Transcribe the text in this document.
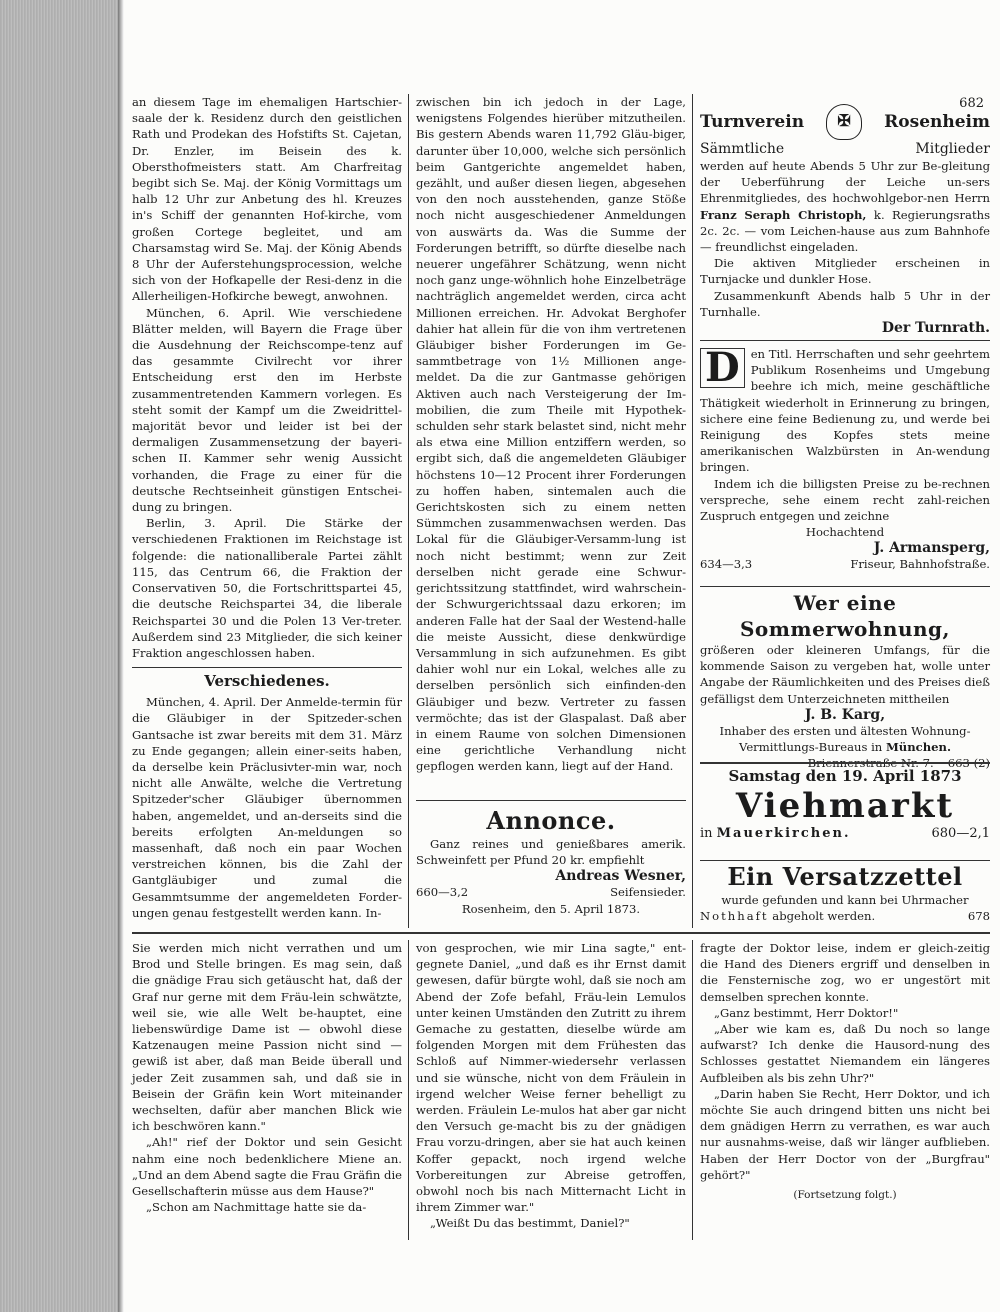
682

an diesem Tage im ehemaligen Hartschier-saale der k. Residenz durch den geistlichen Rath und Prodekan des Hofstifts St. Cajetan, Dr. Enzler, im Beisein des k. Obersthofmeisters statt. Am Charfreitag begibt sich Se. Maj. der König Vormittags um halb 12 Uhr zur Anbetung des hl. Kreuzes in's Schiff der genannten Hof-kirche, vom großen Cortege begleitet, und am Charsamstag wird Se. Maj. der König Abends 8 Uhr der Auferstehungsprocession, welche sich von der Hofkapelle der Resi-denz in die Allerheiligen-Hofkirche bewegt, anwohnen.

München, 6. April. Wie verschiedene Blätter melden, will Bayern die Frage über die Ausdehnung der Reichscompe-tenz auf das gesammte Civilrecht vor ihrer Entscheidung erst den im Herbste zusammentretenden Kammern vorlegen. Es steht somit der Kampf um die Zweidrittel-majorität bevor und leider ist bei der dermaligen Zusammensetzung der bayeri-schen II. Kammer sehr wenig Aussicht vorhanden, die Frage zu einer für die deutsche Rechtseinheit günstigen Entschei-dung zu bringen.

Berlin, 3. April. Die Stärke der verschiedenen Fraktionen im Reichstage ist folgende: die nationalliberale Partei zählt 115, das Centrum 66, die Fraktion der Conservativen 50, die Fortschrittspartei 45, die deutsche Reichspartei 34, die liberale Reichspartei 30 und die Polen 13 Ver-treter. Außerdem sind 23 Mitglieder, die sich keiner Fraktion angeschlossen haben.

Verschiedenes.

München, 4. April. Der Anmelde-termin für die Gläubiger in der Spitzeder-schen Gantsache ist zwar bereits mit dem 31. März zu Ende gegangen; allein einer-seits haben, da derselbe kein Präclusivter-min war, noch nicht alle Anwälte, welche die Vertretung Spitzeder'scher Gläubiger übernommen haben, angemeldet, und an-derseits sind die bereits erfolgten An-meldungen so massenhaft, daß noch ein paar Wochen verstreichen können, bis die Zahl der Gantgläubiger und zumal die Gesammtsumme der angemeldeten Forder-ungen genau festgestellt werden kann. In-

zwischen bin ich jedoch in der Lage, wenigstens Folgendes hierüber mitzutheilen. Bis gestern Abends waren 11,792 Gläu-biger, darunter über 10,000, welche sich persönlich beim Gantgerichte angemeldet haben, gezählt, und außer diesen liegen, abgesehen von den noch ausstehenden, ganze Stöße noch nicht ausgeschiedener Anmeldungen von auswärts da. Was die Summe der Forderungen betrifft, so dürfte dieselbe nach neuerer ungefährer Schätzung, wenn nicht noch ganz unge-wöhnlich hohe Einzelbeträge nachträglich angemeldet werden, circa acht Millionen erreichen. Hr. Advokat Berghofer dahier hat allein für die von ihm vertretenen Gläubiger bisher Forderungen im Ge-sammtbetrage von 1½ Millionen ange-meldet. Da die zur Gantmasse gehörigen Aktiven auch nach Versteigerung der Im-mobilien, die zum Theile mit Hypothek-schulden sehr stark belastet sind, nicht mehr als etwa eine Million entziffern werden, so ergibt sich, daß die angemeldeten Gläubiger höchstens 10—12 Procent ihrer Forderungen zu hoffen haben, sintemalen auch die Gerichtskosten sich zu einem netten Sümmchen zusammenwachsen werden. Das Lokal für die Gläubiger-Versamm-lung ist noch nicht bestimmt; wenn zur Zeit derselben nicht gerade eine Schwur-gerichtssitzung stattfindet, wird wahrschein-der Schwurgerichtssaal dazu erkoren; im anderen Falle hat der Saal der Westend-halle die meiste Aussicht, diese denkwürdige Versammlung in sich aufzunehmen. Es gibt dahier wohl nur ein Lokal, welches alle zu derselben persönlich sich einfinden-den Gläubiger und bezw. Vertreter zu fassen vermöchte; das ist der Glaspalast. Daß aber in einem Raume von solchen Dimensionen eine gerichtliche Verhandlung nicht gepflogen werden kann, liegt auf der Hand.

Annonce.

Ganz reines und genießbares amerik. Schweinfett per Pfund 20 kr. empfiehlt

Andreas Wesner,
660—3,2	Seifensieder.
Rosenheim, den 5. April 1873.
Turnverein	✠	Rosenheim
Sämmtliche	Mitglieder

werden auf heute Abends 5 Uhr zur Be-gleitung der Ueberführung der Leiche un-sers Ehrenmitgliedes, des hochwohlgebor-nen Herrn Franz Seraph Christoph, k. Regierungsraths 2c. 2c. — vom Leichen-hause aus zum Bahnhofe — freundlichst eingeladen.

Die aktiven Mitglieder erscheinen in Turnjacke und dunkler Hose.

Zusammenkunft Abends halb 5 Uhr in der Turnhalle.

Der Turnrath.
D en Titl. Herrschaften und sehr geehrtem Publikum Rosenheims und Umgebung beehre ich mich, meine geschäftliche Thätigkeit wiederholt in Erinnerung zu bringen, sichere eine feine Bedienung zu, und werde bei Reinigung des Kopfes stets meine amerikanischen Walzbürsten in An-wendung bringen.

Indem ich die billigsten Preise zu be-rechnen verspreche, sehe einem recht zahl-reichen Zuspruch entgegen und zeichne

Hochachtend
J. Armansperg,
634—3,3	Friseur, Bahnhofstraße.
Wer eine Sommerwohnung,

größeren oder kleineren Umfangs, für die kommende Saison zu vergeben hat, wolle unter Angabe der Räumlichkeiten und des Preises dieß gefälligst dem Unterzeichneten mittheilen

J. B. Karg,
Inhaber des ersten und ältesten Wohnung-Vermittlungs-Bureaus in München.
Samstag den 19. April 1873
Viehmarkt
in Mauerkirchen.	680—2,1
Ein Versatzzettel
wurde gefunden und kann bei Uhrmacher
Nothhaft abgeholt werden.	678

Sie werden mich nicht verrathen und um Brod und Stelle bringen. Es mag sein, daß die gnädige Frau sich getäuscht hat, daß der Graf nur gerne mit dem Fräu-lein schwätzte, weil sie, wie alle Welt be-hauptet, eine liebenswürdige Dame ist — obwohl diese Katzenaugen meine Passion nicht sind — gewiß ist aber, daß man Beide überall und jeder Zeit zusammen sah, und daß sie in Beisein der Gräfin kein Wort miteinander wechselten, dafür aber manchen Blick wie ich beschwören kann."

„Ah!" rief der Doktor und sein Gesicht nahm eine noch bedenklichere Miene an. „Und an dem Abend sagte die Frau Gräfin die Gesellschafterin müsse aus dem Hause?"

„Schon am Nachmittage hatte sie da-

von gesprochen, wie mir Lina sagte," ent-gegnete Daniel, „und daß es ihr Ernst damit gewesen, dafür bürgte wohl, daß sie noch am Abend der Zofe befahl, Fräu-lein Lemulos unter keinen Umständen den Zutritt zu ihrem Gemache zu gestatten, dieselbe würde am folgenden Morgen mit dem Frühesten das Schloß auf Nimmer-wiedersehr verlassen und sie wünsche, nicht von dem Fräulein in irgend welcher Weise ferner behelligt zu werden. Fräulein Le-mulos hat aber gar nicht den Versuch ge-macht bis zu der gnädigen Frau vorzu-dringen, aber sie hat auch keinen Koffer gepackt, noch irgend welche Vorbereitungen zur Abreise getroffen, obwohl noch bis nach Mitternacht Licht in ihrem Zimmer war."

„Weißt Du das bestimmt, Daniel?"

fragte der Doktor leise, indem er gleich-zeitig die Hand des Dieners ergriff und denselben in die Fensternische zog, wo er ungestört mit demselben sprechen konnte.

„Ganz bestimmt, Herr Doktor!"

„Aber wie kam es, daß Du noch so lange aufwarst? Ich denke die Hausord-nung des Schlosses gestattet Niemandem ein längeres Aufbleiben als bis zehn Uhr?"

„Darin haben Sie Recht, Herr Doktor, und ich möchte Sie auch dringend bitten uns nicht bei dem gnädigen Herrn zu verrathen, es war auch nur ausnahms-weise, daß wir länger aufblieben. Haben der Herr Doctor von der „Burgfrau" gehört?"

(Fortsetzung folgt.)
